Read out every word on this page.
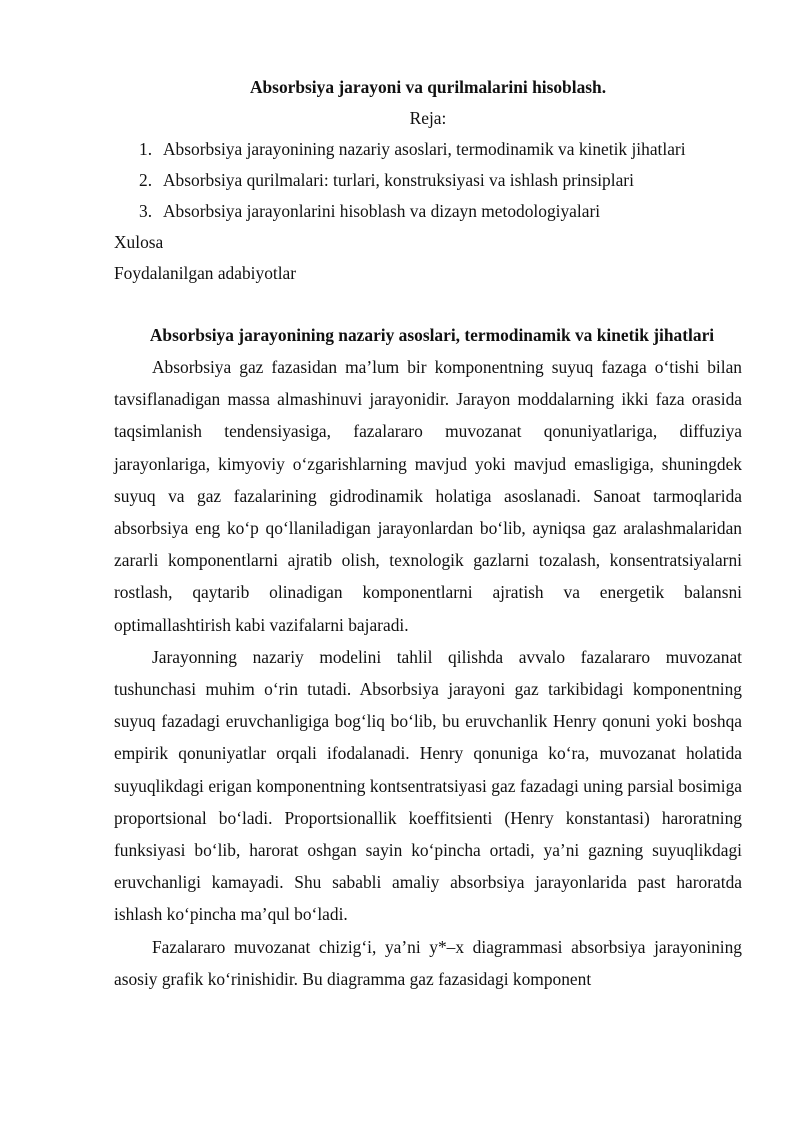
Absorbsiya jarayoni va qurilmalarini hisoblash.

Reja:

1. Absorbsiya jarayonining nazariy asoslari, termodinamik va kinetik jihatlari
2. Absorbsiya qurilmalari: turlari, konstruksiyasi va ishlash prinsiplari
3. Absorbsiya jarayonlarini hisoblash va dizayn metodologiyalari

Xulosa

Foydalanilgan adabiyotlar

Absorbsiya jarayonining nazariy asoslari, termodinamik va kinetik jihatlari

Absorbsiya gaz fazasidan ma’lum bir komponentning suyuq fazaga o‘tishi bilan tavsiflanadigan massa almashinuvi jarayonidir. Jarayon moddalarning ikki faza orasida taqsimlanish tendensiyasiga, fazalararo muvozanat qonuniyatlariga, diffuziya jarayonlariga, kimyoviy o‘zgarishlarning mavjud yoki mavjud emasligiga, shuningdek suyuq va gaz fazalarining gidrodinamik holatiga asoslanadi. Sanoat tarmoqlarida absorbsiya eng ko‘p qo‘llaniladigan jarayonlardan bo‘lib, ayniqsa gaz aralashmalaridan zararli komponentlarni ajratib olish, texnologik gazlarni tozalash, konsentratsiyalarni rostlash, qaytarib olinadigan komponentlarni ajratish va energetik balansni optimallashtirish kabi vazifalarni bajaradi.

Jarayonning nazariy modelini tahlil qilishda avvalo fazalararo muvozanat tushunchasi muhim o‘rin tutadi. Absorbsiya jarayoni gaz tarkibidagi komponentning suyuq fazadagi eruvchanligiga bog‘liq bo‘lib, bu eruvchanlik Henry qonuni yoki boshqa empirik qonuniyatlar orqali ifodalanadi. Henry qonuniga ko‘ra, muvozanat holatida suyuqlikdagi erigan komponentning kontsentratsiyasi gaz fazadagi uning parsial bosimiga proportsional bo‘ladi. Proportsionallik koeffitsienti (Henry konstantasi) haroratning funksiyasi bo‘lib, harorat oshgan sayin ko‘pincha ortadi, ya’ni gazning suyuqlikdagi eruvchanligi kamayadi. Shu sababli amaliy absorbsiya jarayonlarida past haroratda ishlash ko‘pincha ma’qul bo‘ladi.

Fazalararo muvozanat chizig‘i, ya’ni y*–x diagrammasi absorbsiya jarayonining asosiy grafik ko‘rinishidir. Bu diagramma gaz fazasidagi komponent
